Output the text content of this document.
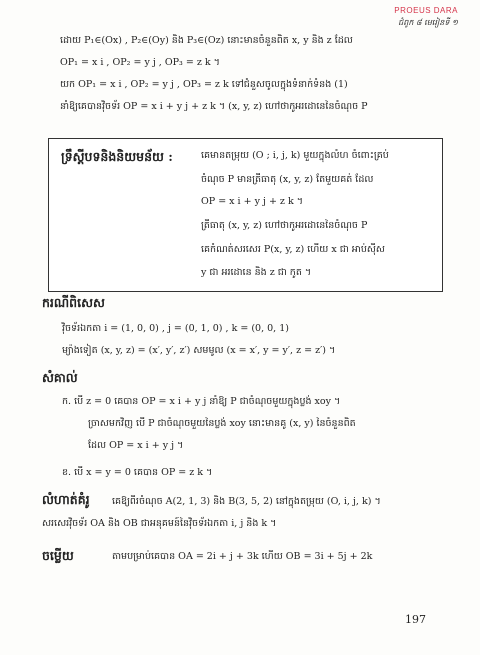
PROEUS DARA
ជំពូក ៨ មេរៀនទី ១
ដោយ P₁∈(Ox) , P₂∈(Oy) និង P₃∈(Oz) នោះមានចំនួនពិត x, y និង z ដែល
OP₁ = x i , OP₂ = y j , OP₃ = z k ។
យក OP₁ = x i , OP₂ = y j , OP₃ = z k ទៅជំនួសចូលក្នុងទំនាក់ទំនង (1)
នាំឱ្យគេបានវ៉ិចទ័រ OP = x i + y j + z k ។ (x, y, z) ហៅថាកូអរដោនេនៃចំណុច P
ទ្រឹស្តីបទនិងនិយមន័យ :	គេមានតម្រុយ (O ; i, j, k) មួយក្នុងលំហ ចំពោះគ្រប់
ចំណុច P មានត្រីធាតុ (x, y, z) តែមួយគត់ ដែល
OP = x i + y j + z k ។
ត្រីធាតុ (x, y, z) ហៅថាកូអរដោនេនៃចំណុច P
គេកំណត់សរសេរ P(x, y, z) ហើយ x ជា អាប់ស៊ីស
y ជា អរដោនេ និង z ជា កូត ។
ករណីពិសេស
វ៉ិចទ័រឯកតា i = (1, 0, 0) , j = (0, 1, 0) , k = (0, 0, 1)
ម្យ៉ាងទៀត (x, y, z) = (x′, y′, z′) សមមូល (x = x′, y = y′, z = z′) ។
សំគាល់
ក. បើ z = 0 គេបាន OP = x i + y j នាំឱ្យ P ជាចំណុចមួយក្នុងប្លង់ xoy ។
ច្រាសមកវិញ បើ P ជាចំណុចមួយនៃប្លង់ xoy នោះមានគូ (x, y) នៃចំនួនពិត
ដែល OP = x i + y j ។
ខ. បើ x = y = 0 គេបាន OP = z k ។
លំហាត់គំរូ គេឱ្យពីរចំណុច A(2, 1, 3) និង B(3, 5, 2) នៅក្នុងតម្រុយ (O, i, j, k) ។
សរសេរវ៉ិចទ័រ OA និង OB ជាអនុគមន៍នៃវ៉ិចទ័រឯកតា i, j និង k ។
ចម្លើយ	តាមបម្រាប់គេបាន OA = 2i + j + 3k ហើយ OB = 3i + 5j + 2k
197
